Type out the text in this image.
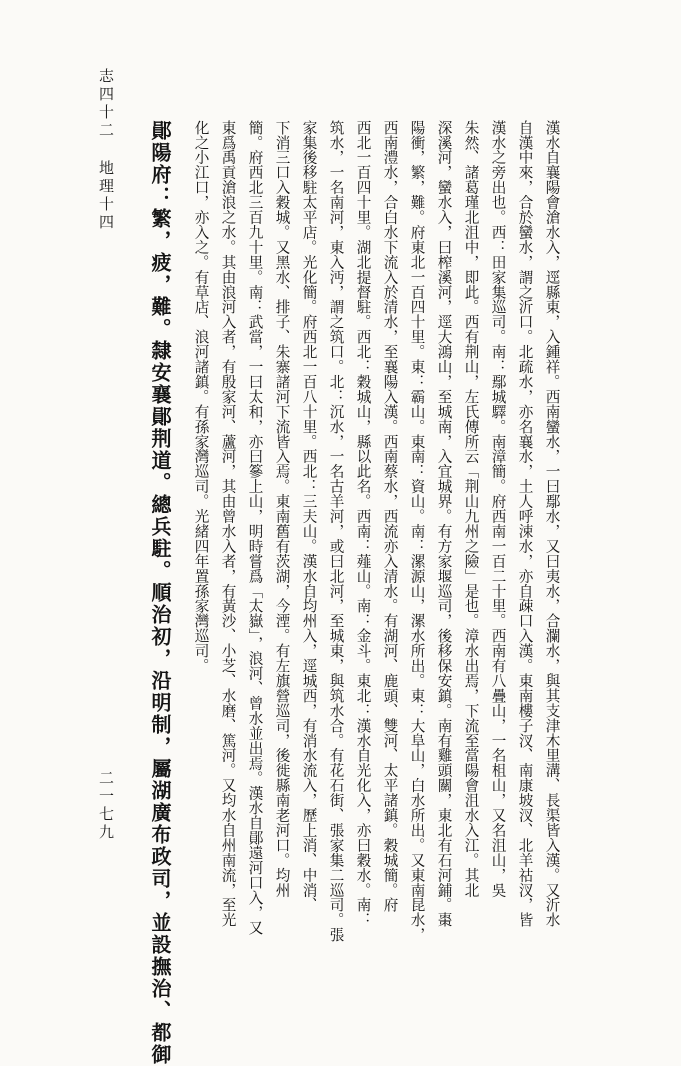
漢水自襄陽會滄水入，逕縣東，入鍾祥。西南蠻水，一曰鄢水，又曰夷水，合瀾水，與其支津木里溝、長渠皆入漢。又沂水
自漢中來，合於蠻水，謂之沂口。北疏水，亦名襄水，土人呼涑水，亦自疎口入漢。東南樓子汊、南康坡汊、北羊祜汊，皆
漢水之旁出也。西：田家集巡司。南：鄢城驛。南漳簡。府西南一百二十里。西南有八疊山，一名柤山，又名沮山，吳
朱然、諸葛瑾北沮中，即此。西有荆山，左氏傳所云「荆山九州之險」是也。漳水出焉，下流至當陽會沮水入江。其北
深溪河，蠻水入，曰榨溪河，逕大鴻山，至城南，入宜城界。有方家堰巡司，後移保安鎮。南有雞頭關，東北有石河鋪。棗
陽衝，繁，難。府東北一百四十里。東：霸山。東南：資山。南：漯源山，漯水所出。東：大阜山，白水所出。又東南昆水，
西南澧水，合白水下流入於清水，至襄陽入漢。西南蔡水，西流亦入清水。有湖河、鹿頭、雙河、太平諸鎮。穀城簡。府
西北一百四十里。湖北提督駐。西北：穀城山，縣以此名。西南：薤山。南：金斗。東北：漢水自光化入，亦曰穀水。南：
筑水，一名南河，東入沔，謂之筑口。北：沉水，一名古羊河，或曰北河，至城東，與筑水合。有花石街、張家集二巡司。張
家集後移駐太平店。光化簡。府西北一百八十里。西北：三夫山。漢水自均州入，逕城西，有消水流入，歷上消、中消、
下消三口入穀城。又黑水、排子、朱寨諸河下流皆入焉。東南舊有茨湖，今湮。有左旗營巡司，後徙縣南老河口。均州
簡。府西北三百九十里。南：武當，一曰太和，亦曰篸上山，明時嘗爲「太嶽」，浪河、曾水並出焉。漢水自鄖遠河口入，又
東爲禹貢滄浪之水。其由浪河入者，有殷家河、蘆河，其由曾水入者，有黃沙、小芝、水磨、篤河。又均水自州南流，至光
化之小江口，亦入之。有草店、浪河諸鎮。有孫家灣巡司。光緒四年置孫家灣巡司。
鄖陽府：繁，疲，難。隸安襄鄖荆道。總兵駐。順治初，沿明制，屬湖廣布政司，並設撫治、都御
志四十二
地理十四
二一七九
